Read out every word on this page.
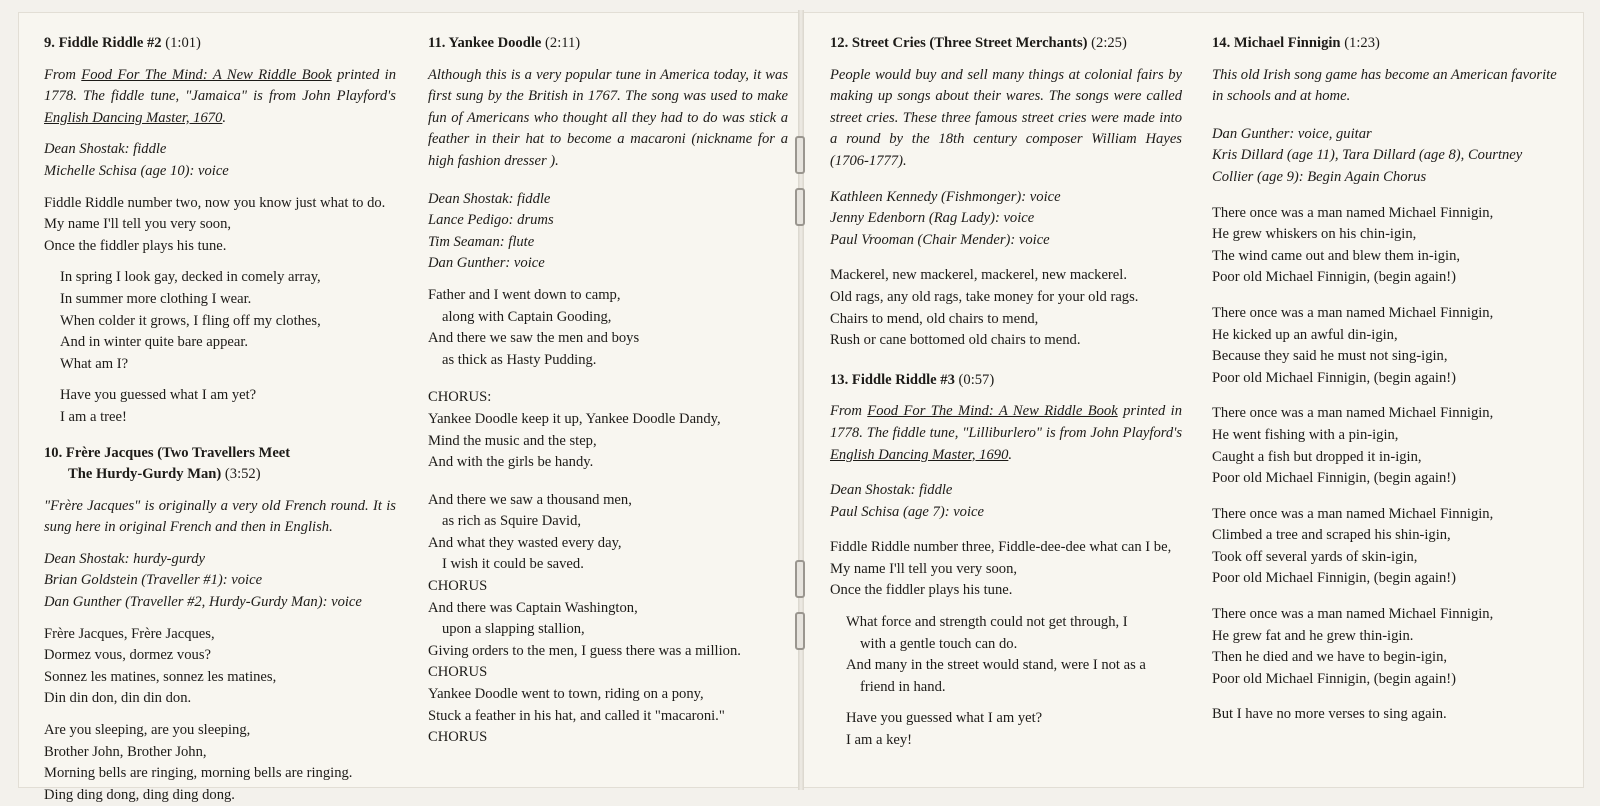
9. Fiddle Riddle #2 (1:01)

From Food For The Mind: A New Riddle Book printed in 1778. The fiddle tune, "Jamaica" is from John Playford's English Dancing Master, 1670.

Dean Shostak: fiddle
Michelle Schisa (age 10): voice

Fiddle Riddle number two, now you know just what to do.
My name I'll tell you very soon,
Once the fiddler plays his tune.

In spring I look gay, decked in comely array,
In summer more clothing I wear.
When colder it grows, I fling off my clothes,
And in winter quite bare appear.
What am I?

Have you guessed what I am yet?
I am a tree!

10. Frère Jacques (Two Travellers Meet
The Hurdy-Gurdy Man) (3:52)

"Frère Jacques" is originally a very old French round. It is sung here in original French and then in English.

Dean Shostak: hurdy-gurdy
Brian Goldstein (Traveller #1): voice
Dan Gunther (Traveller #2, Hurdy-Gurdy Man): voice

Frère Jacques, Frère Jacques,
Dormez vous, dormez vous?
Sonnez les matines, sonnez les matines,
Din din don, din din don.

Are you sleeping, are you sleeping,
Brother John, Brother John,
Morning bells are ringing, morning bells are ringing.
Ding ding dong, ding ding dong.

11. Yankee Doodle (2:11)

Although this is a very popular tune in America today, it was first sung by the British in 1767. The song was used to make fun of Americans who thought all they had to do was stick a feather in their hat to become a macaroni (nickname for a high fashion dresser ).

Dean Shostak: fiddle
Lance Pedigo: drums
Tim Seaman: flute
Dan Gunther: voice

Father and I went down to camp,
along with Captain Gooding,
And there we saw the men and boys
as thick as Hasty Pudding.

CHORUS:
Yankee Doodle keep it up, Yankee Doodle Dandy,
Mind the music and the step,
And with the girls be handy.

And there we saw a thousand men,
as rich as Squire David,
And what they wasted every day,
I wish it could be saved.
CHORUS
And there was Captain Washington,
upon a slapping stallion,
Giving orders to the men, I guess there was a million.
CHORUS
Yankee Doodle went to town, riding on a pony,
Stuck a feather in his hat, and called it "macaroni."
CHORUS

12. Street Cries (Three Street Merchants) (2:25)

People would buy and sell many things at colonial fairs by making up songs about their wares. The songs were called street cries. These three famous street cries were made into a round by the 18th century composer William Hayes (1706-1777).

Kathleen Kennedy (Fishmonger): voice
Jenny Edenborn (Rag Lady): voice
Paul Vrooman (Chair Mender): voice

Mackerel, new mackerel, mackerel, new mackerel.
Old rags, any old rags, take money for your old rags.
Chairs to mend, old chairs to mend,
Rush or cane bottomed old chairs to mend.

13. Fiddle Riddle #3 (0:57)

From Food For The Mind: A New Riddle Book printed in 1778. The fiddle tune, "Lilliburlero" is from John Playford's English Dancing Master, 1690.

Dean Shostak: fiddle
Paul Schisa (age 7): voice

Fiddle Riddle number three, Fiddle-dee-dee what can I be,
My name I'll tell you very soon,
Once the fiddler plays his tune.

What force and strength could not get through, I
with a gentle touch can do.
And many in the street would stand, were I not as a
friend in hand.

Have you guessed what I am yet?
I am a key!

14. Michael Finnigin (1:23)

This old Irish song game has become an American favorite in schools and at home.

Dan Gunther: voice, guitar
Kris Dillard (age 11), Tara Dillard (age 8), Courtney Collier (age 9): Begin Again Chorus

There once was a man named Michael Finnigin,
He grew whiskers on his chin-igin,
The wind came out and blew them in-igin,
Poor old Michael Finnigin, (begin again!)

There once was a man named Michael Finnigin,
He kicked up an awful din-igin,
Because they said he must not sing-igin,
Poor old Michael Finnigin, (begin again!)

There once was a man named Michael Finnigin,
He went fishing with a pin-igin,
Caught a fish but dropped it in-igin,
Poor old Michael Finnigin, (begin again!)

There once was a man named Michael Finnigin,
Climbed a tree and scraped his shin-igin,
Took off several yards of skin-igin,
Poor old Michael Finnigin, (begin again!)

There once was a man named Michael Finnigin,
He grew fat and he grew thin-igin.
Then he died and we have to begin-igin,
Poor old Michael Finnigin, (begin again!)

But I have no more verses to sing again.
